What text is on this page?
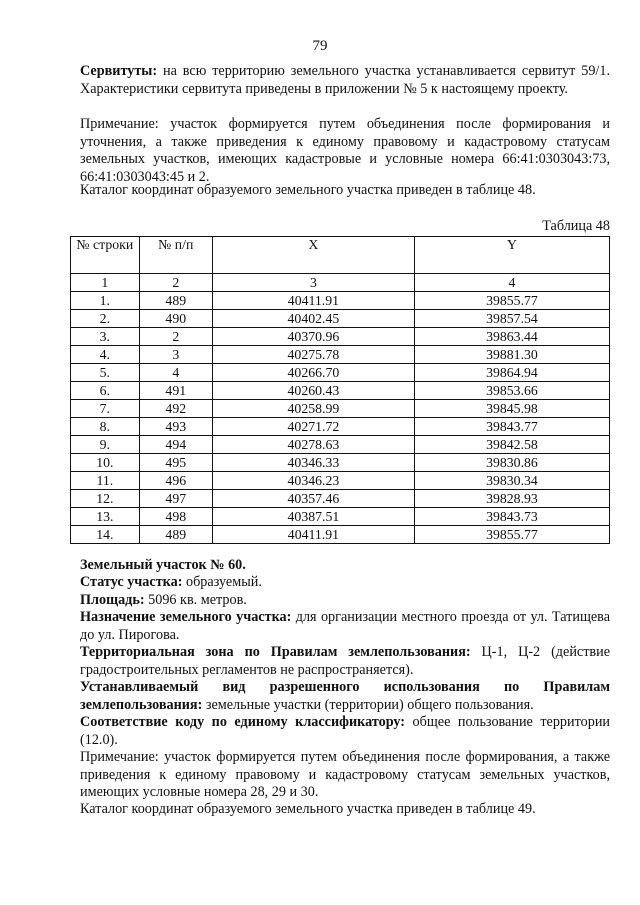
79

Сервитуты: на всю территорию земельного участка устанавливается сервитут 59/1. Характеристики сервитута приведены в приложении № 5 к настоящему проекту.

Примечание: участок формируется путем объединения после формирования и уточнения, а также приведения к единому правовому и кадастровому статусам земельных участков, имеющих кадастровые и условные номера 66:41:0303043:73, 66:41:0303043:45 и 2.

Каталог координат образуемого земельного участка приведен в таблице 48.

Таблица 48
№ строки	№ п/п	X	Y
1	2	3	4
1.	489	40411.91	39855.77
2.	490	40402.45	39857.54
3.	2	40370.96	39863.44
4.	3	40275.78	39881.30
5.	4	40266.70	39864.94
6.	491	40260.43	39853.66
7.	492	40258.99	39845.98
8.	493	40271.72	39843.77
9.	494	40278.63	39842.58
10.	495	40346.33	39830.86
11.	496	40346.23	39830.34
12.	497	40357.46	39828.93
13.	498	40387.51	39843.73
14.	489	40411.91	39855.77

Земельный участок № 60.

Статус участка: образуемый.

Площадь: 5096 кв. метров.

Назначение земельного участка: для организации местного проезда от ул. Татищева до ул. Пирогова.

Территориальная зона по Правилам землепользования: Ц-1, Ц-2 (действие градостроительных регламентов не распространяется).

Устанавливаемый вид разрешенного использования по Правилам землепользования: земельные участки (территории) общего пользования.

Соответствие коду по единому классификатору: общее пользование территории (12.0).

Примечание: участок формируется путем объединения после формирования, а также приведения к единому правовому и кадастровому статусам земельных участков, имеющих условные номера 28, 29 и 30.

Каталог координат образуемого земельного участка приведен в таблице 49.
